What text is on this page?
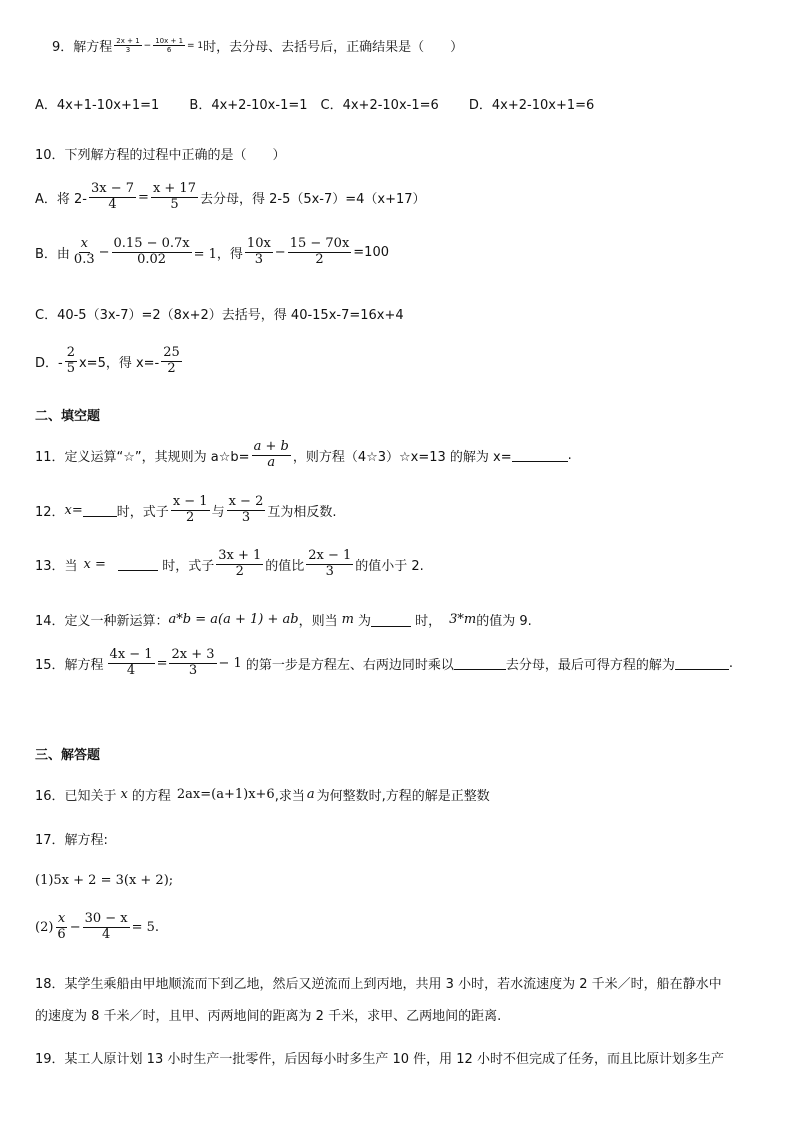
9．解方程 $\frac{2x + 1}{3} - \frac{10x + 1}{6} = 1$ 时，去分母、去括号后，正确结果是（　　）
A．4x+1-10x+1=1　　 B．4x+2-10x-1=1　C．4x+2-10x-1=6　　 D．4x+2-10x+1=6
10．下列解方程的过程中正确的是（　　）
A．将 $2- \frac{3x - 7}{4} = \frac{x + 17}{5}$ 去分母，得 2-5（5x-7）=4（x+17）
B．由 $\frac{x}{0.3} - \frac{0.15 - 0.7x}{0.02} = 1$，得 $\frac{10x}{3} - \frac{15 - 70x}{2} =100$
C．40-5（3x-7）=2（8x+2）去括号，得 40-15x-7=16x+4
D．- $\frac{2}{5} x=5$，得 $x=- \frac{25}{2}$
二、填空题
11．定义运算“☆”，其规则为 a☆b= $\frac{a + b}{a}$ ，则方程（4☆3）☆x=13 的解为 x=	.
12． x =	时，式子 $\frac{x - 1}{2}$ 与 $\frac{x - 2}{3}$ 互为相反数.
13．当 x =	时，式子 $\frac{3x + 1}{2}$ 的值比 $\frac{2x - 1}{3}$ 的值小于 2.
14．定义一种新运算： a*b = a(a + 1) + ab ，则当 m 为	时， 3*m 的值为 9.
15．解方程 $\frac{4x - 1}{4} = \frac{2x + 3}{3} - 1$ 的第一步是方程左、右两边同时乘以	去分母，最后可得方程的解为	.
三、解答题
16．已知关于 x 的方程 2ax=(a+1)x+6 ,求当 a 为何整数时,方程的解是正整数
17．解方程:
(1)5x + 2 = 3(x + 2);
$(2) \frac{x}{6} - \frac{30 - x}{4} = 5$.
18．某学生乘船由甲地顺流而下到乙地，然后又逆流而上到丙地，共用 3 小时，若水流速度为 2 千米／时，船在静水中
的速度为 8 千米／时，且甲、丙两地间的距离为 2 千米，求甲、乙两地间的距离.
19．某工人原计划 13 小时生产一批零件，后因每小时多生产 10 件，用 12 小时不但完成了任务，而且比原计划多生产
